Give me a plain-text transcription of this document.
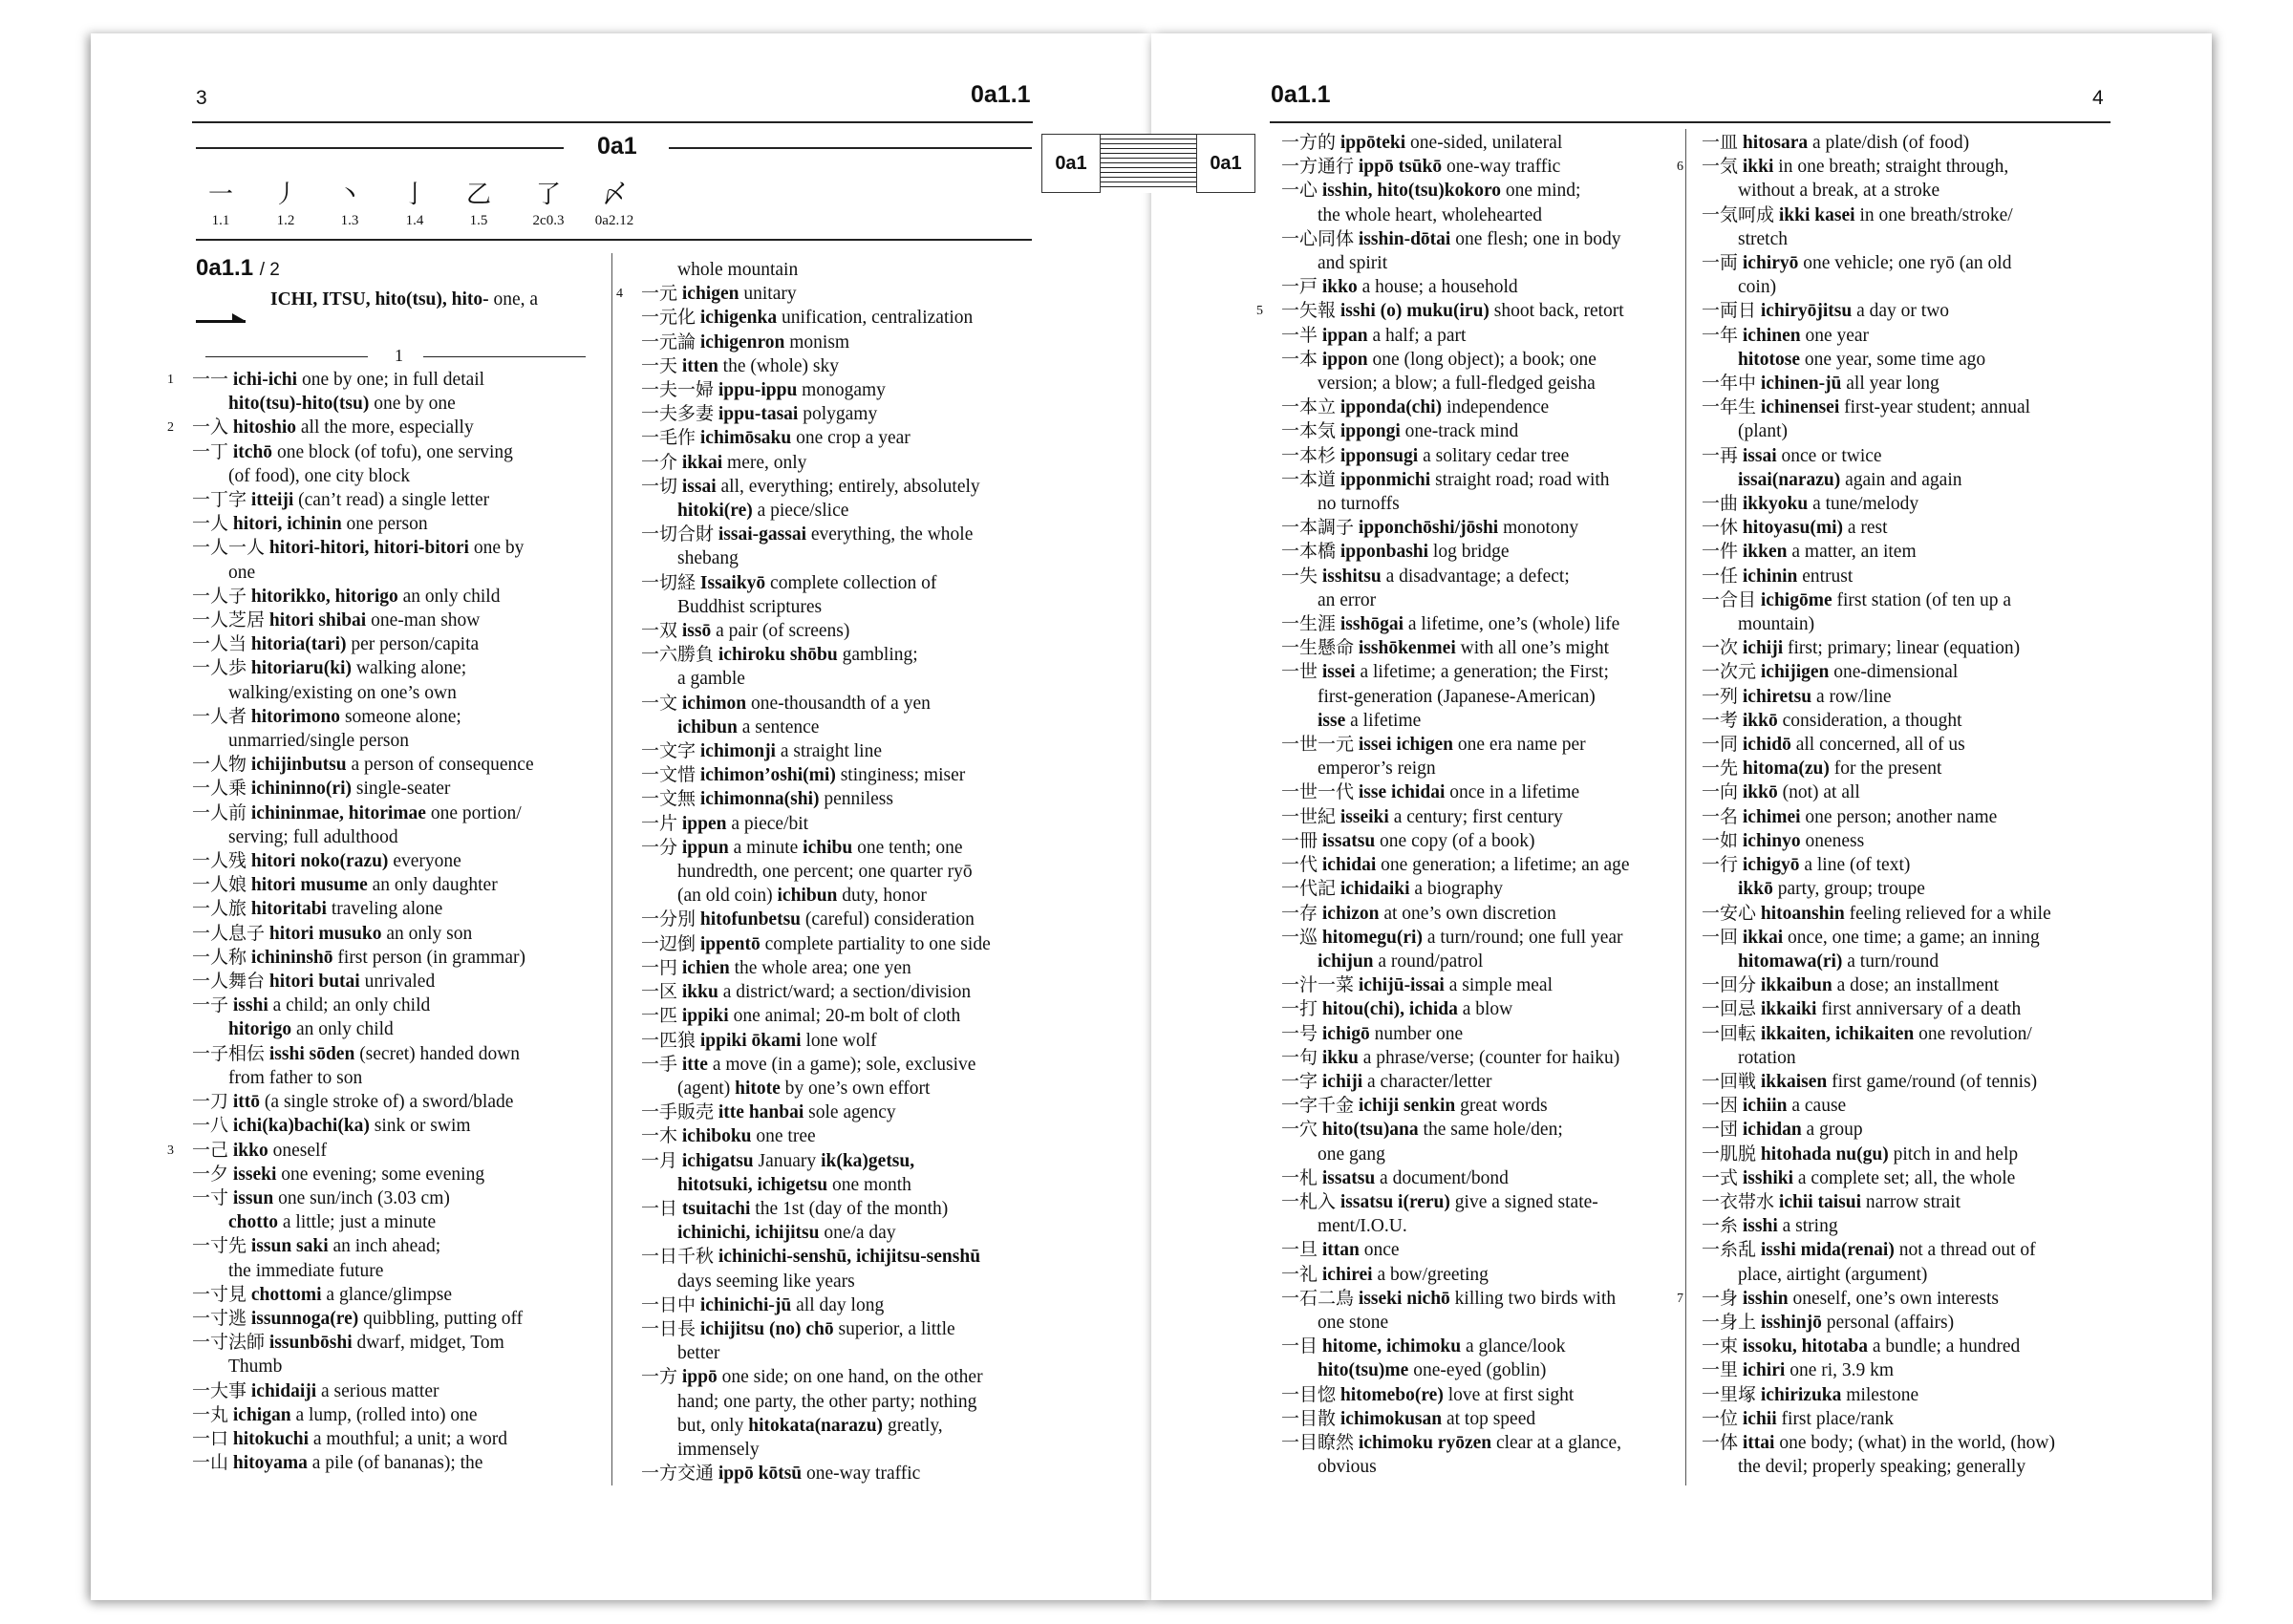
3	0a1.1
0a1
一
1.1
丿
1.2
丶
1.3
亅
1.4
乙
1.5
了
2c0.3
〆
0a2.12
0a1.1 / 2
ICHI, ITSU, hito(tsu), hito- one, a
1
1 一一 ichi-ichi one by one; in full detail
hito(tsu)-hito(tsu) one by one
2 一入 hitoshio all the more, especially
一丁 itchō one block (of tofu), one serving
(of food), one city block
一丁字 itteiji (can’t read) a single letter
一人 hitori, ichinin one person
一人一人 hitori-hitori, hitori-bitori one by
one
一人子 hitorikko, hitorigo an only child
一人芝居 hitori shibai one-man show
一人当 hitoria(tari) per person/capita
一人歩 hitoriaru(ki) walking alone;
walking/existing on one’s own
一人者 hitorimono someone alone;
unmarried/single person
一人物 ichijinbutsu a person of consequence
一人乗 ichininno(ri) single-seater
一人前 ichininmae, hitorimae one portion/
serving; full adulthood
一人残 hitori noko(razu) everyone
一人娘 hitori musume an only daughter
一人旅 hitoritabi traveling alone
一人息子 hitori musuko an only son
一人称 ichininshō first person (in grammar)
一人舞台 hitori butai unrivaled
一子 isshi a child; an only child
hitorigo an only child
一子相伝 isshi sōden (secret) handed down
from father to son
一刀 ittō (a single stroke of) a sword/blade
一八 ichi(ka)bachi(ka) sink or swim
3 一己 ikko oneself
一夕 isseki one evening; some evening
一寸 issun one sun/inch (3.03 cm)
chotto a little; just a minute
一寸先 issun saki an inch ahead;
the immediate future
一寸見 chottomi a glance/glimpse
一寸逃 issunnoga(re) quibbling, putting off
一寸法師 issunbōshi dwarf, midget, Tom
Thumb
一大事 ichidaiji a serious matter
一丸 ichigan a lump, (rolled into) one
一口 hitokuchi a mouthful; a unit; a word
一山 hitoyama a pile (of bananas); the
whole mountain
4 一元 ichigen unitary
一元化 ichigenka unification, centralization
一元論 ichigenron monism
一天 itten the (whole) sky
一夫一婦 ippu-ippu monogamy
一夫多妻 ippu-tasai polygamy
一毛作 ichimōsaku one crop a year
一介 ikkai mere, only
一切 issai all, everything; entirely, absolutely
hitoki(re) a piece/slice
一切合財 issai-gassai everything, the whole
shebang
一切経 Issaikyō complete collection of
Buddhist scriptures
一双 issō a pair (of screens)
一六勝負 ichiroku shōbu gambling;
a gamble
一文 ichimon one-thousandth of a yen
ichibun a sentence
一文字 ichimonji a straight line
一文惜 ichimon’oshi(mi) stinginess; miser
一文無 ichimonna(shi) penniless
一片 ippen a piece/bit
一分 ippun a minute ichibu one tenth; one
hundredth, one percent; one quarter ryō
(an old coin) ichibun duty, honor
一分別 hitofunbetsu (careful) consideration
一辺倒 ippentō complete partiality to one side
一円 ichien the whole area; one yen
一区 ikku a district/ward; a section/division
一匹 ippiki one animal; 20-m bolt of cloth
一匹狼 ippiki ōkami lone wolf
一手 itte a move (in a game); sole, exclusive
(agent) hitote by one’s own effort
一手販売 itte hanbai sole agency
一木 ichiboku one tree
一月 ichigatsu January ik(ka)getsu,
hitotsuki, ichigetsu one month
一日 tsuitachi the 1st (day of the month)
ichinichi, ichijitsu one/a day
一日千秋 ichinichi-senshū, ichijitsu-senshū
days seeming like years
一日中 ichinichi-jū all day long
一日長 ichijitsu (no) chō superior, a little
better
一方 ippō one side; on one hand, on the other
hand; one party, the other party; nothing
but, only hitokata(narazu) greatly,
immensely
一方交通 ippō kōtsū one-way traffic
0a1.1	4
一方的 ippōteki one-sided, unilateral
一方通行 ippō tsūkō one-way traffic
一心 isshin, hito(tsu)kokoro one mind;
the whole heart, wholehearted
一心同体 isshin-dōtai one flesh; one in body
and spirit
一戸 ikko a house; a household
5 一矢報 isshi (o) muku(iru) shoot back, retort
一半 ippan a half; a part
一本 ippon one (long object); a book; one
version; a blow; a full-fledged geisha
一本立 ipponda(chi) independence
一本気 ippongi one-track mind
一本杉 ipponsugi a solitary cedar tree
一本道 ipponmichi straight road; road with
no turnoffs
一本調子 ipponchōshi/jōshi monotony
一本橋 ipponbashi log bridge
一失 isshitsu a disadvantage; a defect;
an error
一生涯 isshōgai a lifetime, one’s (whole) life
一生懸命 isshōkenmei with all one’s might
一世 issei a lifetime; a generation; the First;
first-generation (Japanese-American)
isse a lifetime
一世一元 issei ichigen one era name per
emperor’s reign
一世一代 isse ichidai once in a lifetime
一世紀 isseiki a century; first century
一冊 issatsu one copy (of a book)
一代 ichidai one generation; a lifetime; an age
一代記 ichidaiki a biography
一存 ichizon at one’s own discretion
一巡 hitomegu(ri) a turn/round; one full year
ichijun a round/patrol
一汁一菜 ichijū-issai a simple meal
一打 hitou(chi), ichida a blow
一号 ichigō number one
一句 ikku a phrase/verse; (counter for haiku)
一字 ichiji a character/letter
一字千金 ichiji senkin great words
一穴 hito(tsu)ana the same hole/den;
one gang
一札 issatsu a document/bond
一札入 issatsu i(reru) give a signed state-
ment/I.O.U.
一旦 ittan once
一礼 ichirei a bow/greeting
一石二鳥 isseki nichō killing two birds with
one stone
一目 hitome, ichimoku a glance/look
hito(tsu)me one-eyed (goblin)
一目惚 hitomebo(re) love at first sight
一目散 ichimokusan at top speed
一目瞭然 ichimoku ryōzen clear at a glance,
obvious
一皿 hitosara a plate/dish (of food)
6 一気 ikki in one breath; straight through,
without a break, at a stroke
一気呵成 ikki kasei in one breath/stroke/
stretch
一両 ichiryō one vehicle; one ryō (an old
coin)
一両日 ichiryōjitsu a day or two
一年 ichinen one year
hitotose one year, some time ago
一年中 ichinen-jū all year long
一年生 ichinensei first-year student; annual
(plant)
一再 issai once or twice
issai(narazu) again and again
一曲 ikkyoku a tune/melody
一休 hitoyasu(mi) a rest
一件 ikken a matter, an item
一任 ichinin entrust
一合目 ichigōme first station (of ten up a
mountain)
一次 ichiji first; primary; linear (equation)
一次元 ichijigen one-dimensional
一列 ichiretsu a row/line
一考 ikkō consideration, a thought
一同 ichidō all concerned, all of us
一先 hitoma(zu) for the present
一向 ikkō (not) at all
一名 ichimei one person; another name
一如 ichinyo oneness
一行 ichigyō a line (of text)
ikkō party, group; troupe
一安心 hitoanshin feeling relieved for a while
一回 ikkai once, one time; a game; an inning
hitomawa(ri) a turn/round
一回分 ikkaibun a dose; an installment
一回忌 ikkaiki first anniversary of a death
一回転 ikkaiten, ichikaiten one revolution/
rotation
一回戦 ikkaisen first game/round (of tennis)
一因 ichiin a cause
一団 ichidan a group
一肌脱 hitohada nu(gu) pitch in and help
一式 isshiki a complete set; all, the whole
一衣帯水 ichii taisui narrow strait
一糸 isshi a string
一糸乱 isshi mida(renai) not a thread out of
place, airtight (argument)
7 一身 isshin oneself, one’s own interests
一身上 isshinjō personal (affairs)
一束 issoku, hitotaba a bundle; a hundred
一里 ichiri one ri, 3.9 km
一里塚 ichirizuka milestone
一位 ichii first place/rank
一体 ittai one body; (what) in the world, (how)
the devil; properly speaking; generally
0a1	0a1
